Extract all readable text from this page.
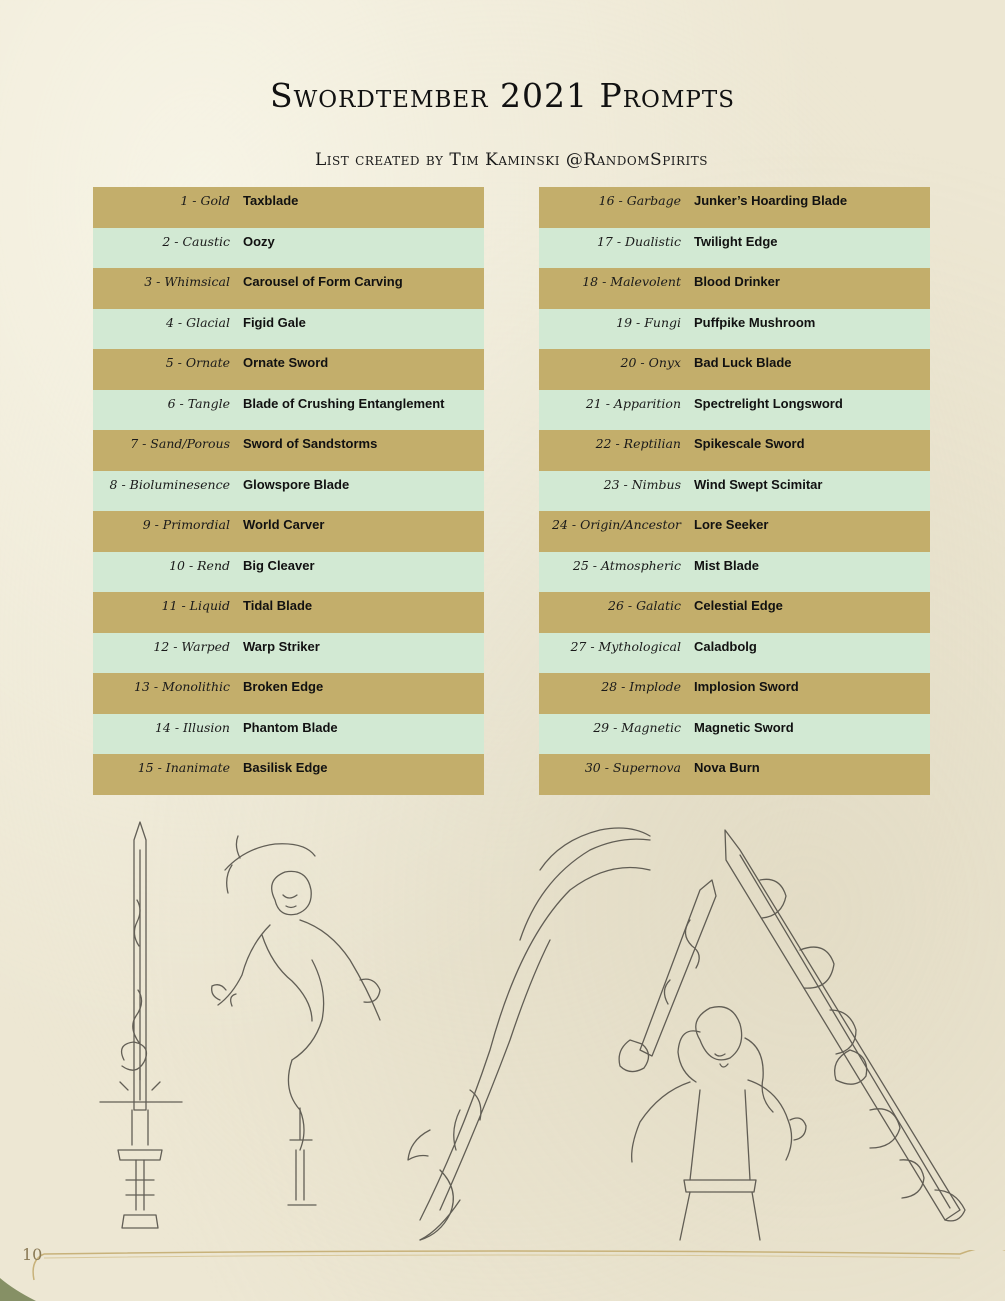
Swordtember 2021 Prompts
List created by Tim Kaminski @RandomSpirits
1 - Gold	Taxblade
2 - Caustic	Oozy
3 - Whimsical	Carousel of Form Carving
4 - Glacial	Figid Gale
5 - Ornate	Ornate Sword
6 - Tangle	Blade of Crushing Entanglement
7 - Sand/Porous	Sword of Sandstorms
8 - Bioluminesence	Glowspore Blade
9 - Primordial	World Carver
10 - Rend	Big Cleaver
11 - Liquid	Tidal Blade
12 - Warped	Warp Striker
13 - Monolithic	Broken Edge
14 - Illusion	Phantom Blade
15 - Inanimate	Basilisk Edge
16 - Garbage	Junker’s Hoarding Blade
17 - Dualistic	Twilight Edge
18 - Malevolent	Blood Drinker
19 - Fungi	Puffpike Mushroom
20 - Onyx	Bad Luck Blade
21 - Apparition	Spectrelight Longsword
22 - Reptilian	Spikescale Sword
23 - Nimbus	Wind Swept Scimitar
24 - Origin/Ancestor	Lore Seeker
25 - Atmospheric	Mist Blade
26 - Galatic	Celestial Edge
27 - Mythological	Caladbolg
28 - Implode	Implosion Sword
29 - Magnetic	Magnetic Sword
30 - Supernova	Nova Burn
10
